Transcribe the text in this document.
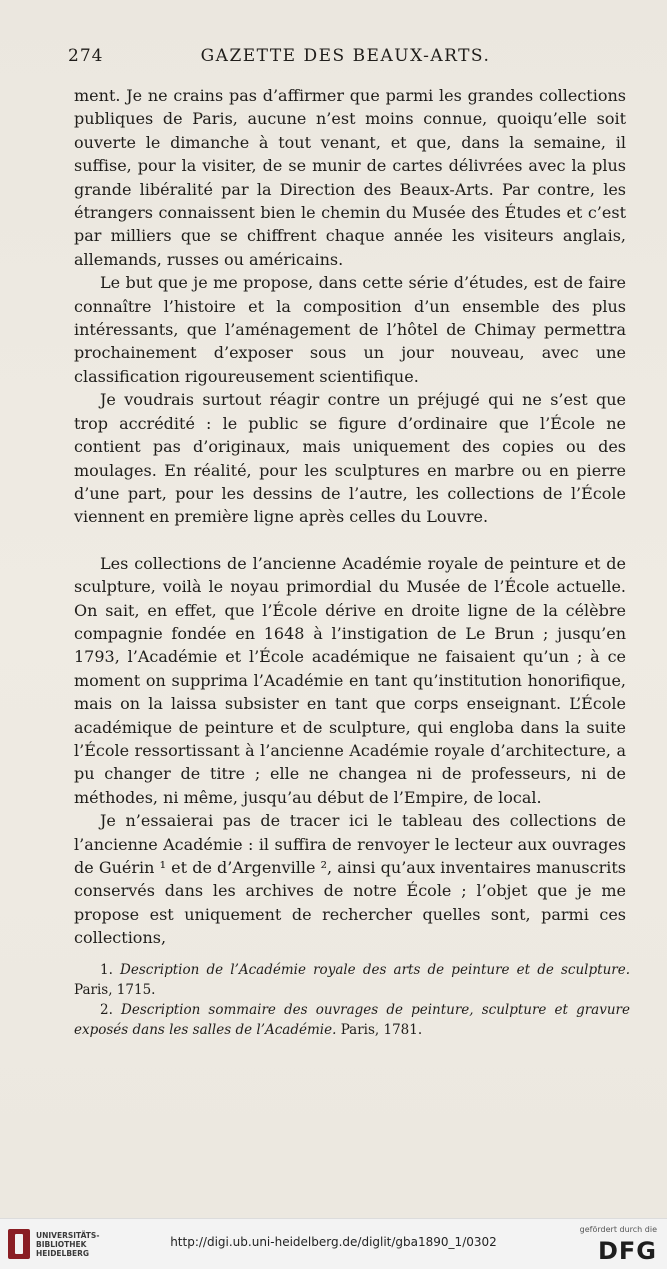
274	GAZETTE DES BEAUX-ARTS.

ment. Je ne crains pas d’affirmer que parmi les grandes collections publiques de Paris, aucune n’est moins connue, quoiqu’elle soit ouverte le dimanche à tout venant, et que, dans la semaine, il suffise, pour la visiter, de se munir de cartes délivrées avec la plus grande libéralité par la Direction des Beaux-Arts. Par contre, les étrangers connaissent bien le chemin du Musée des Études et c’est par milliers que se chiffrent chaque année les visiteurs anglais, allemands, russes ou américains.

Le but que je me propose, dans cette série d’études, est de faire connaître l’histoire et la composition d’un ensemble des plus intéressants, que l’aménagement de l’hôtel de Chimay permettra prochainement d’exposer sous un jour nouveau, avec une classification rigoureusement scientifique.

Je voudrais surtout réagir contre un préjugé qui ne s’est que trop accrédité : le public se figure d’ordinaire que l’École ne contient pas d’originaux, mais uniquement des copies ou des moulages. En réalité, pour les sculptures en marbre ou en pierre d’une part, pour les dessins de l’autre, les collections de l’École viennent en première ligne après celles du Louvre.

Les collections de l’ancienne Académie royale de peinture et de sculpture, voilà le noyau primordial du Musée de l’École actuelle. On sait, en effet, que l’École dérive en droite ligne de la célèbre compagnie fondée en 1648 à l’instigation de Le Brun ; jusqu’en 1793, l’Académie et l’École académique ne faisaient qu’un ; à ce moment on supprima l’Académie en tant qu’institution honorifique, mais on la laissa subsister en tant que corps enseignant. L’École académique de peinture et de sculpture, qui engloba dans la suite l’École ressortissant à l’ancienne Académie royale d’architecture, a pu changer de titre ; elle ne changea ni de professeurs, ni de méthodes, ni même, jusqu’au début de l’Empire, de local.

Je n’essaierai pas de tracer ici le tableau des collections de l’ancienne Académie : il suffira de renvoyer le lecteur aux ouvrages de Guérin ¹ et de d’Argenville ², ainsi qu’aux inventaires manuscrits conservés dans les archives de notre École ; l’objet que je me propose est uniquement de rechercher quelles sont, parmi ces collections,

1. Description de l’Académie royale des arts de peinture et de sculpture. Paris, 1715.

2. Description sommaire des ouvrages de peinture, sculpture et gravure exposés dans les salles de l’Académie. Paris, 1781.

UNIVERSITÄTS-
BIBLIOTHEK
HEIDELBERG
http://digi.ub.uni-heidelberg.de/diglit/gba1890_1/0302
gefördert durch die
DFG
